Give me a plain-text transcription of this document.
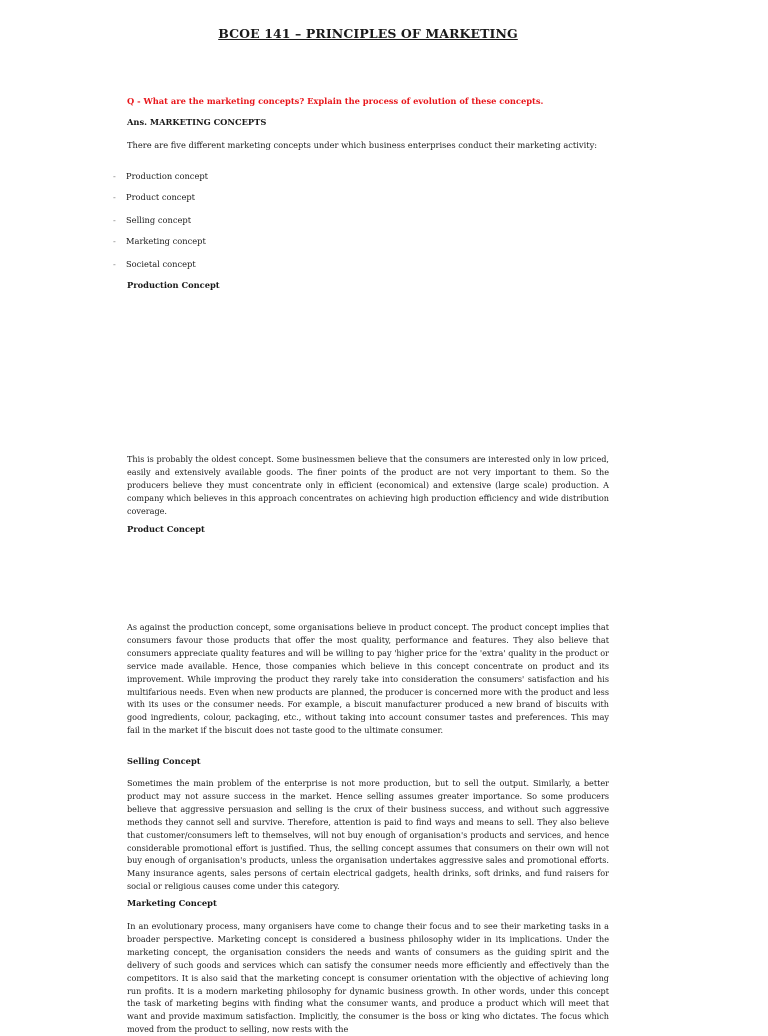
BCOE 141 – PRINCIPLES OF MARKETING
Q - What are the marketing concepts? Explain the process of evolution of these concepts.
Ans. MARKETING CONCEPTS
There are five different marketing concepts under which business enterprises conduct their marketing activity:
- Production concept
- Product concept
- Selling concept
- Marketing concept
- Societal concept
Production Concept
This is probably the oldest concept. Some businessmen believe that the consumers are interested only in low priced, easily and extensively available goods. The finer points of the product are not very important to them. So the producers believe they must concentrate only in efficient (economical) and extensive (large scale) production. A company which believes in this approach concentrates on achieving high production efficiency and wide distribution coverage.
Product Concept
As against the production concept, some organisations believe in product concept. The product concept implies that consumers favour those products that offer the most quality, performance and features. They also believe that consumers appreciate quality features and will be willing to pay 'higher price for the 'extra' quality in the product or service made available. Hence, those companies which believe in this concept concentrate on product and its improvement. While improving the product they rarely take into consideration the consumers' satisfaction and his multifarious needs. Even when new products are planned, the producer is concerned more with the product and less with its uses or the consumer needs. For example, a biscuit manufacturer produced a new brand of biscuits with good ingredients, colour, packaging, etc., without taking into account consumer tastes and preferences. This may fail in the market if the biscuit does not taste good to the ultimate consumer.
Selling Concept
Sometimes the main problem of the enterprise is not more production, but to sell the output. Similarly, a better product may not assure success in the market. Hence selling assumes greater importance. So some producers believe that aggressive persuasion and selling is the crux of their business success, and without such aggressive methods they cannot sell and survive. Therefore, attention is paid to find ways and means to sell. They also believe that customer/consumers left to themselves, will not buy enough of organisation's products and services, and hence considerable promotional effort is justified. Thus, the selling concept assumes that consumers on their own will not buy enough of organisation's products, unless the organisation undertakes aggressive sales and promotional efforts. Many insurance agents, sales persons of certain electrical gadgets, health drinks, soft drinks, and fund raisers for social or religious causes come under this category.
Marketing Concept
In an evolutionary process, many organisers have come to change their focus and to see their marketing tasks in a broader perspective. Marketing concept is considered a business philosophy wider in its implications. Under the marketing concept, the organisation considers the needs and wants of consumers as the guiding spirit and the delivery of such goods and services which can satisfy the consumer needs more efficiently and effectively than the competitors. It is also said that the marketing concept is consumer orientation with the objective of achieving long run profits. It is a modern marketing philosophy for dynamic business growth. In other words, under this concept the task of marketing begins with finding what the consumer wants, and produce a product which will meet that want and provide maximum satisfaction. Implicitly, the consumer is the boss or king who dictates. The focus which moved from the product to selling, now rests with the
